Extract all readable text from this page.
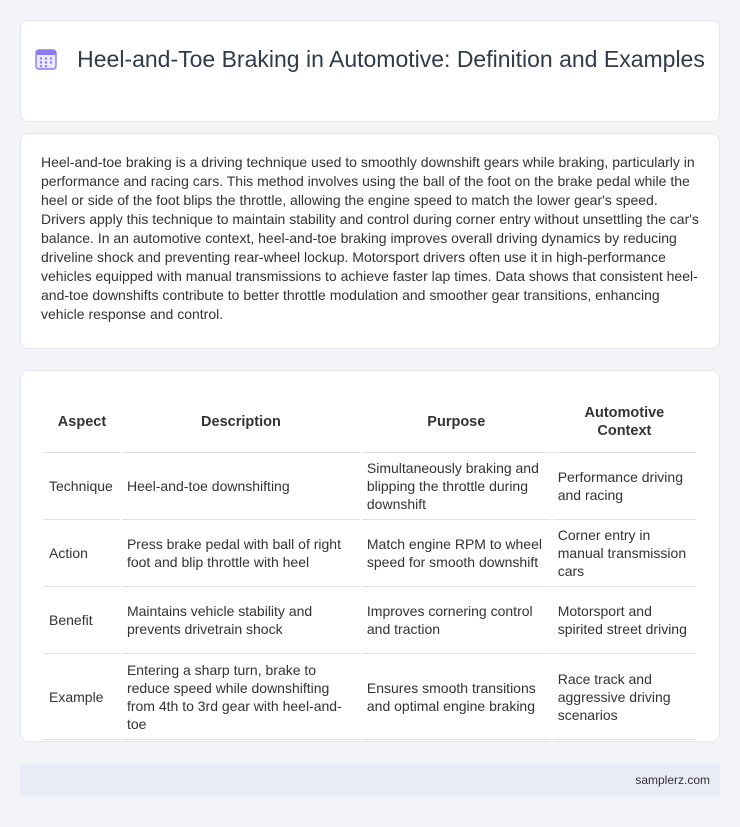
Heel-and-Toe Braking in Automotive: Definition and Examples

Heel-and-toe braking is a driving technique used to smoothly downshift gears while braking, particularly in performance and racing cars. This method involves using the ball of the foot on the brake pedal while the heel or side of the foot blips the throttle, allowing the engine speed to match the lower gear's speed. Drivers apply this technique to maintain stability and control during corner entry without unsettling the car's balance. In an automotive context, heel-and-toe braking improves overall driving dynamics by reducing driveline shock and preventing rear-wheel lockup. Motorsport drivers often use it in high-performance vehicles equipped with manual transmissions to achieve faster lap times. Data shows that consistent heel-and-toe downshifts contribute to better throttle modulation and smoother gear transitions, enhancing vehicle response and control.

Aspect	Description	Purpose	Automotive Context
Technique	Heel-and-toe downshifting	Simultaneously braking and blipping the throttle during downshift	Performance driving and racing
Action	Press brake pedal with ball of right foot and blip throttle with heel	Match engine RPM to wheel speed for smooth downshift	Corner entry in manual transmission cars
Benefit	Maintains vehicle stability and prevents drivetrain shock	Improves cornering control and traction	Motorsport and spirited street driving
Example	Entering a sharp turn, brake to reduce speed while downshifting from 4th to 3rd gear with heel-and-toe	Ensures smooth transitions and optimal engine braking	Race track and aggressive driving scenarios
samplerz.com
